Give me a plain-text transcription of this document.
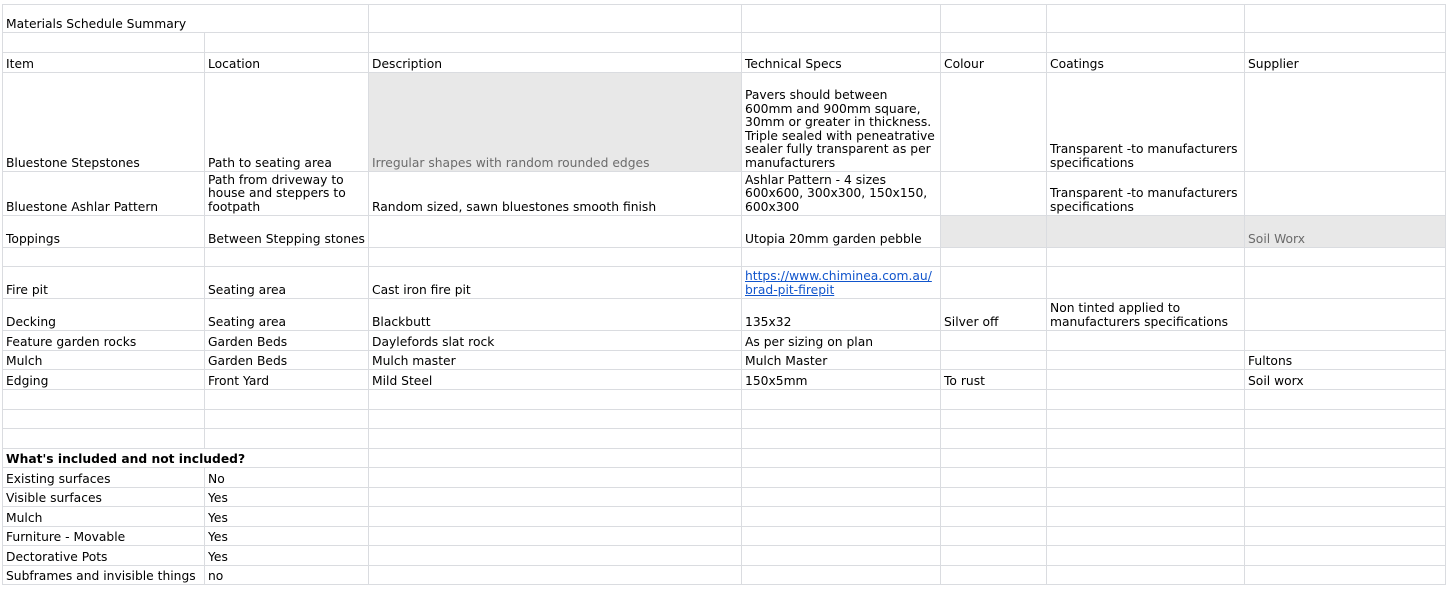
Materials Schedule Summary						

Item	Location	Description	Technical Specs	Colour	Coatings	Supplier
Bluestone Stepstones	Path to seating area	Irregular shapes with random rounded edges	Pavers should between 600mm and 900mm square, 30mm or greater in thickness. Triple sealed with peneatrative sealer fully transparent as per manufacturers		Transparent -to manufacturers specifications	
Bluestone Ashlar Pattern	Path from driveway to house and steppers to footpath	Random sized, sawn bluestones smooth finish	Ashlar Pattern - 4 sizes 600x600, 300x300, 150x150, 600x300		Transparent -to manufacturers specifications	
Toppings	Between Stepping stones		Utopia 20mm garden pebble			Soil Worx

Fire pit	Seating area	Cast iron fire pit	https://www.chiminea.com.au/brad-pit-firepit			
Decking	Seating area	Blackbutt	135x32	Silver off	Non tinted applied to manufacturers specifications	
Feature garden rocks	Garden Beds	Daylefords slat rock	As per sizing on plan			
Mulch	Garden Beds	Mulch master	Mulch Master			Fultons
Edging	Front Yard	Mild Steel	150x5mm	To rust		Soil worx

What's included and not included?						
Existing surfaces	No					
Visible surfaces	Yes					
Mulch	Yes					
Furniture - Movable	Yes					
Dectorative Pots	Yes					
Subframes and invisible things	no					
